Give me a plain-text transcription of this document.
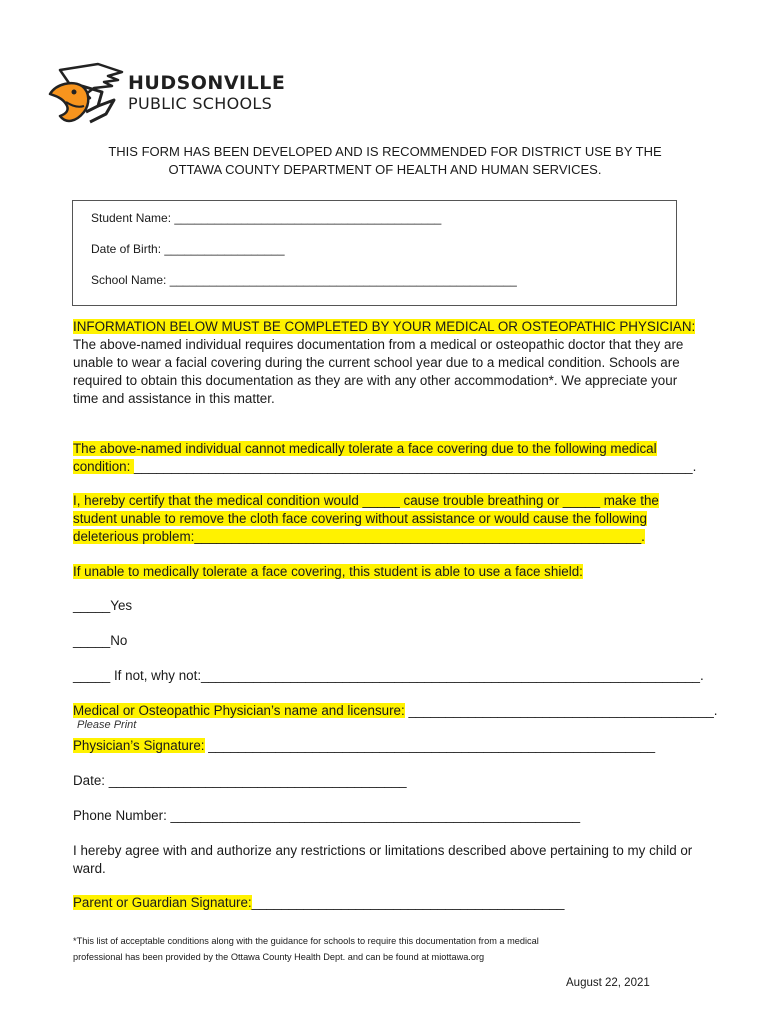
HUDSONVILLE
PUBLIC SCHOOLS
THIS FORM HAS BEEN DEVELOPED AND IS RECOMMENDED FOR DISTRICT USE BY THE OTTAWA COUNTY DEPARTMENT OF HEALTH AND HUMAN SERVICES.
Student Name: ________________________________________
Date of Birth: __________________
School Name: ____________________________________________________
INFORMATION BELOW MUST BE COMPLETED BY YOUR MEDICAL OR OSTEOPATHIC PHYSICIAN:
The above-named individual requires documentation from a medical or osteopathic doctor that they are unable to wear a facial covering during the current school year due to a medical condition. Schools are required to obtain this documentation as they are with any other accommodation*. We appreciate your time and assistance in this matter.
The above-named individual cannot medically tolerate a face covering due to the following medical
condition: ___________________________________________________________________________.
I, hereby certify that the medical condition would _____ cause trouble breathing or _____ make the
student unable to remove the cloth face covering without assistance or would cause the following
deleterious problem:____________________________________________________________.
If unable to medically tolerate a face covering, this student is able to use a face shield:
_____Yes
_____No
_____ If not, why not:___________________________________________________________________.
Medical or Osteopathic Physician’s name and licensure: _________________________________________.
Please Print
Physician’s Signature: ____________________________________________________________
Date: ________________________________________
Phone Number: _______________________________________________________
I hereby agree with and authorize any restrictions or limitations described above pertaining to my child or ward.
Parent or Guardian Signature:__________________________________________
*This list of acceptable conditions along with the guidance for schools to require this documentation from a medical
professional has been provided by the Ottawa County Health Dept. and can be found at miottawa.org
August 22, 2021
